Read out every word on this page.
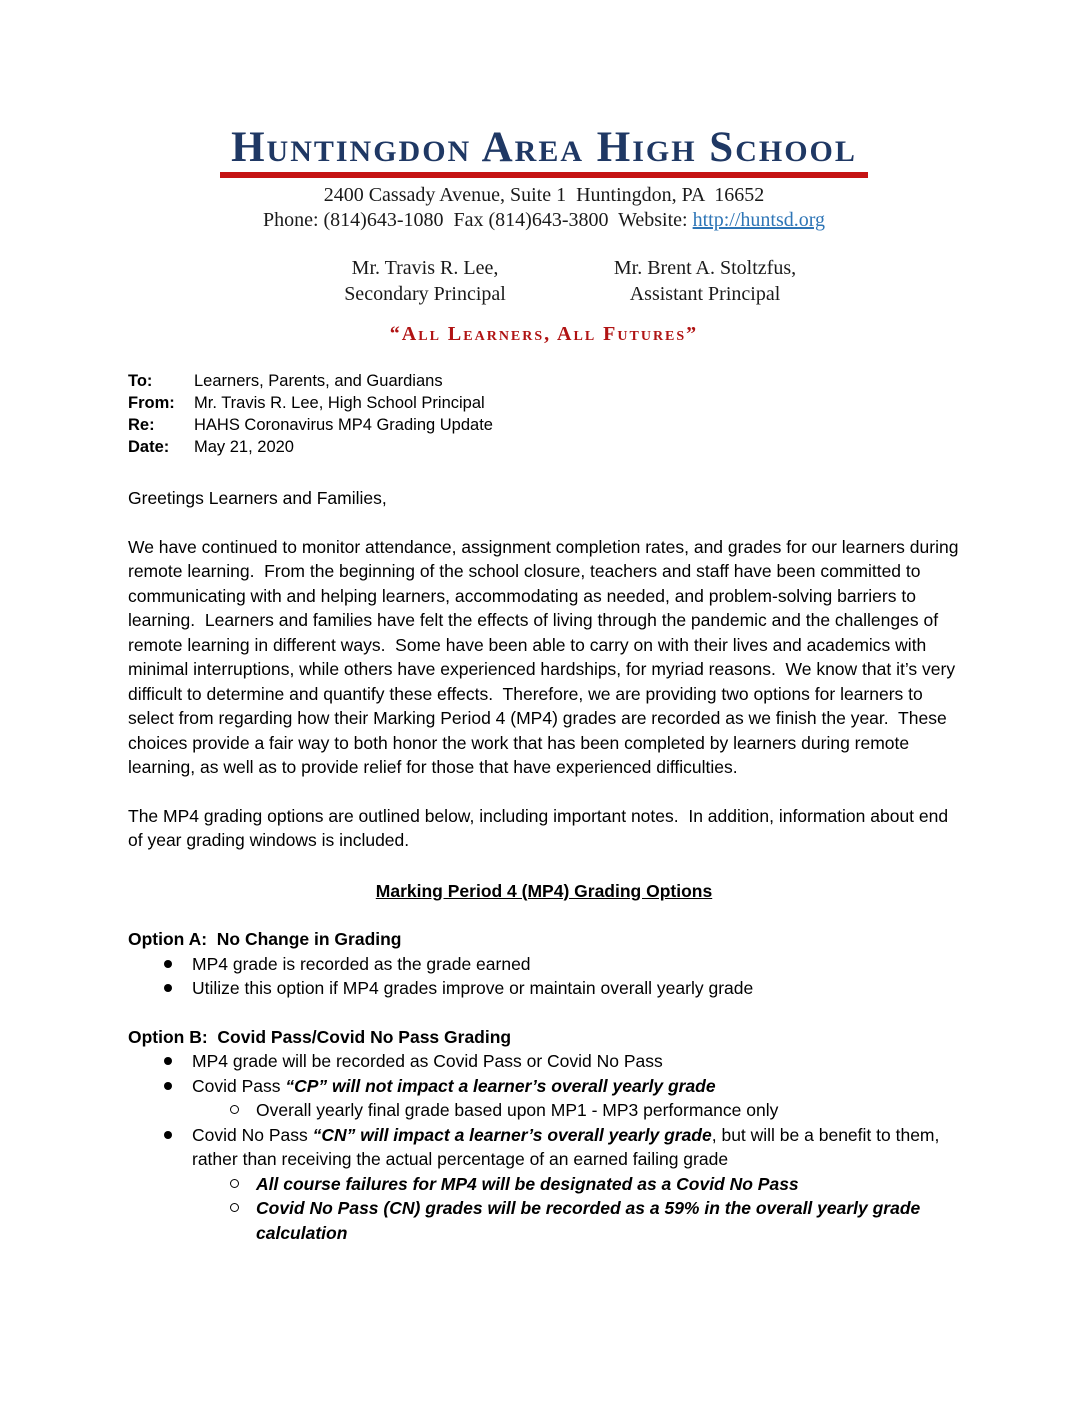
Huntingdon Area High School
2400 Cassady Avenue, Suite 1  Huntingdon, PA  16652
Phone: (814)643-1080  Fax (814)643-3800  Website: http://huntsd.org
Mr. Travis R. Lee,
Secondary Principal
Mr. Brent A. Stoltzfus,
Assistant Principal
“All Learners, All Futures”
To:	Learners, Parents, and Guardians
From:	Mr. Travis R. Lee, High School Principal
Re:	HAHS Coronavirus MP4 Grading Update
Date:	May 21, 2020
Greetings Learners and Families,
We have continued to monitor attendance, assignment completion rates, and grades for our learners during remote learning.  From the beginning of the school closure, teachers and staff have been committed to communicating with and helping learners, accommodating as needed, and problem-solving barriers to learning.  Learners and families have felt the effects of living through the pandemic and the challenges of remote learning in different ways.  Some have been able to carry on with their lives and academics with minimal interruptions, while others have experienced hardships, for myriad reasons.  We know that it’s very difficult to determine and quantify these effects.  Therefore, we are providing two options for learners to select from regarding how their Marking Period 4 (MP4) grades are recorded as we finish the year.  These choices provide a fair way to both honor the work that has been completed by learners during remote learning, as well as to provide relief for those that have experienced difficulties.
The MP4 grading options are outlined below, including important notes.  In addition, information about end of year grading windows is included.
Marking Period 4 (MP4) Grading Options
Option A:  No Change in Grading
MP4 grade is recorded as the grade earned
Utilize this option if MP4 grades improve or maintain overall yearly grade
Option B:  Covid Pass/Covid No Pass Grading
MP4 grade will be recorded as Covid Pass or Covid No Pass
Covid Pass “CP” will not impact a learner’s overall yearly grade
Overall yearly final grade based upon MP1 - MP3 performance only
Covid No Pass “CN” will impact a learner’s overall yearly grade, but will be a benefit to them, rather than receiving the actual percentage of an earned failing grade
All course failures for MP4 will be designated as a Covid No Pass
Covid No Pass (CN) grades will be recorded as a 59% in the overall yearly grade calculation
